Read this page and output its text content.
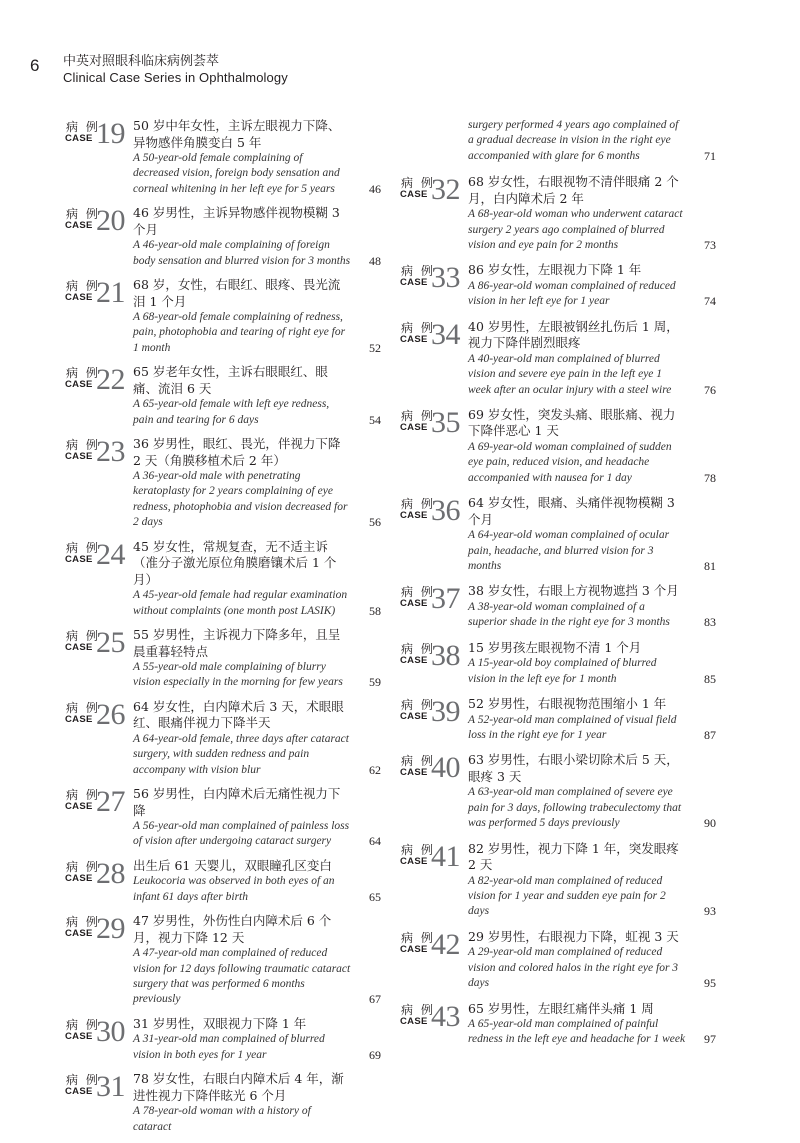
6 中英对照眼科临床病例荟萃
Clinical Case Series in Ophthalmology
病 例
CASE 19 50 岁中年女性，主诉左眼视力下降、异物感伴角膜变白 5 年

A 50-year-old female complaining of decreased vision, foreign body sensation and corneal whitening in her left eye for 5 years	46
病 例
CASE 20 46 岁男性，主诉异物感伴视物模糊 3 个月

A 46-year-old male complaining of foreign body sensation and blurred vision for 3 months 48
病 例
CASE 21 68 岁，女性，右眼红、眼疼、畏光流泪 1 个月

A 68-year-old female complaining of redness, pain, photophobia and tearing of right eye for 1 month	52
病 例
CASE 22 65 岁老年女性，主诉右眼眼红、眼痛、流泪 6 天

A 65-year-old female with left eye redness, pain and tearing for 6 days	54
病 例
CASE 23 36 岁男性，眼红、畏光，伴视力下降 2 天（角膜移植术后 2 年）

A 36-year-old male with penetrating keratoplasty for 2 years complaining of eye redness, photophobia and vision decreased for 2 days	56
病 例
CASE 24 45 岁女性，常规复查，无不适主诉（准分子激光原位角膜磨镶术后 1 个月）

A 45-year-old female had regular examination without complaints (one month post LASIK)	58
病 例
CASE 25 55 岁男性，主诉视力下降多年，且呈晨重暮轻特点

A 55-year-old male complaining of blurry vision especially in the morning for few years	59
病 例
CASE 26 64 岁女性，白内障术后 3 天，术眼眼红、眼痛伴视力下降半天

A 64-year-old female, three days after cataract surgery, with sudden redness and pain accompany with vision blur	62
病 例
CASE 27 56 岁男性，白内障术后无痛性视力下降

A 56-year-old man complained of painless loss of vision after undergoing cataract surgery	64
病 例
CASE 28 出生后 61 天婴儿，双眼瞳孔区变白

Leukocoria was observed in both eyes of an infant 61 days after birth	65
病 例
CASE 29 47 岁男性，外伤性白内障术后 6 个月，视力下降 12 天

A 47-year-old man complained of reduced vision for 12 days following traumatic cataract surgery that was performed 6 months previously	67
病 例
CASE 30 31 岁男性，双眼视力下降 1 年

A 31-year-old man complained of blurred vision in both eyes for 1 year	69
病 例
CASE 31 78 岁女性，右眼白内障术后 4 年，渐进性视力下降伴眩光 6 个月

A 78-year-old woman with a history of cataract

surgery performed 4 years ago complained of a gradual decrease in vision in the right eye accompanied with glare for 6 months	71
病 例
CASE 32 68 岁女性，右眼视物不清伴眼痛 2 个月，白内障术后 2 年

A 68-year-old woman who underwent cataract surgery 2 years ago complained of blurred vision and eye pain for 2 months	73
病 例
CASE 33 86 岁女性，左眼视力下降 1 年

A 86-year-old woman complained of reduced vision in her left eye for 1 year	74
病 例
CASE 34 40 岁男性，左眼被钢丝扎伤后 1 周，视力下降伴剧烈眼疼

A 40-year-old man complained of blurred vision and severe eye pain in the left eye 1 week after an ocular injury with a steel wire	76
病 例
CASE 35 69 岁女性，突发头痛、眼胀痛、视力下降伴恶心 1 天

A 69-year-old woman complained of sudden eye pain, reduced vision, and headache accompanied with nausea for 1 day	78
病 例
CASE 36 64 岁女性，眼痛、头痛伴视物模糊 3 个月

A 64-year-old woman complained of ocular pain, headache, and blurred vision for 3 months	81
病 例
CASE 37 38 岁女性，右眼上方视物遮挡 3 个月

A 38-year-old woman complained of a superior shade in the right eye for 3 months	83
病 例
CASE 38 15 岁男孩左眼视物不清 1 个月

A 15-year-old boy complained of blurred vision in the left eye for 1 month	85
病 例
CASE 39 52 岁男性，右眼视物范围缩小 1 年

A 52-year-old man complained of visual field loss in the right eye for 1 year	87
病 例
CASE 40 63 岁男性，右眼小梁切除术后 5 天，眼疼 3 天

A 63-year-old man complained of severe eye pain for 3 days, following trabeculectomy that was performed 5 days previously	90
病 例
CASE 41 82 岁男性，视力下降 1 年，突发眼疼 2 天

A 82-year-old man complained of reduced vision for 1 year and sudden eye pain for 2 days	93
病 例
CASE 42 29 岁男性，右眼视力下降，虹视 3 天

A 29-year-old man complained of reduced vision and colored halos in the right eye for 3 days	95
病 例
CASE 43 65 岁男性，左眼红痛伴头痛 1 周

A 65-year-old man complained of painful redness in the left eye and headache for 1 week 97
